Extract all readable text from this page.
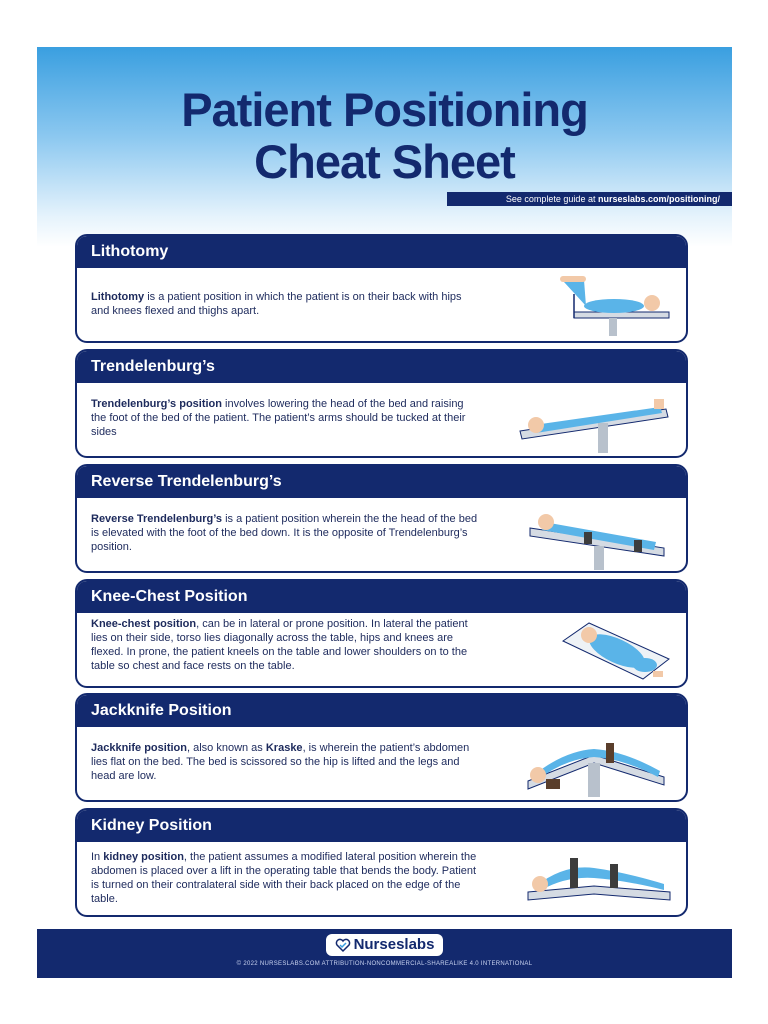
Patient Positioning
Cheat Sheet
See complete guide at nurseslabs.com/positioning/
Lithotomy
Lithotomy is a patient position in which the patient is on their back with hips and knees flexed and thighs apart.
Trendelenburg’s
Trendelenburg’s position involves lowering the head of the bed and raising the foot of the bed of the patient. The patient’s arms should be tucked at their sides
Reverse Trendelenburg’s
Reverse Trendelenburg’s is a patient position wherein the the head of the bed is elevated with the foot of the bed down. It is the opposite of Trendelenburg’s position.
Knee-Chest Position
Knee-chest position, can be in lateral or prone position. In lateral the patient lies on their side, torso lies diagonally across the table, hips and knees are flexed. In prone, the patient kneels on the table and lower shoulders on to the table so chest and face rests on the table.
Jackknife Position
Jackknife position, also known as Kraske, is wherein the patient’s abdomen lies flat on the bed. The bed is scissored so the hip is lifted and the legs and head are low.
Kidney Position
In kidney position, the patient assumes a modified lateral position wherein the abdomen is placed over a lift in the operating table that bends the body. Patient is turned on their contralateral side with their back placed on the edge of the table.
Nurseslabs
© 2022 NURSESLABS.COM ATTRIBUTION-NONCOMMERCIAL-SHAREALIKE 4.0 INTERNATIONAL
